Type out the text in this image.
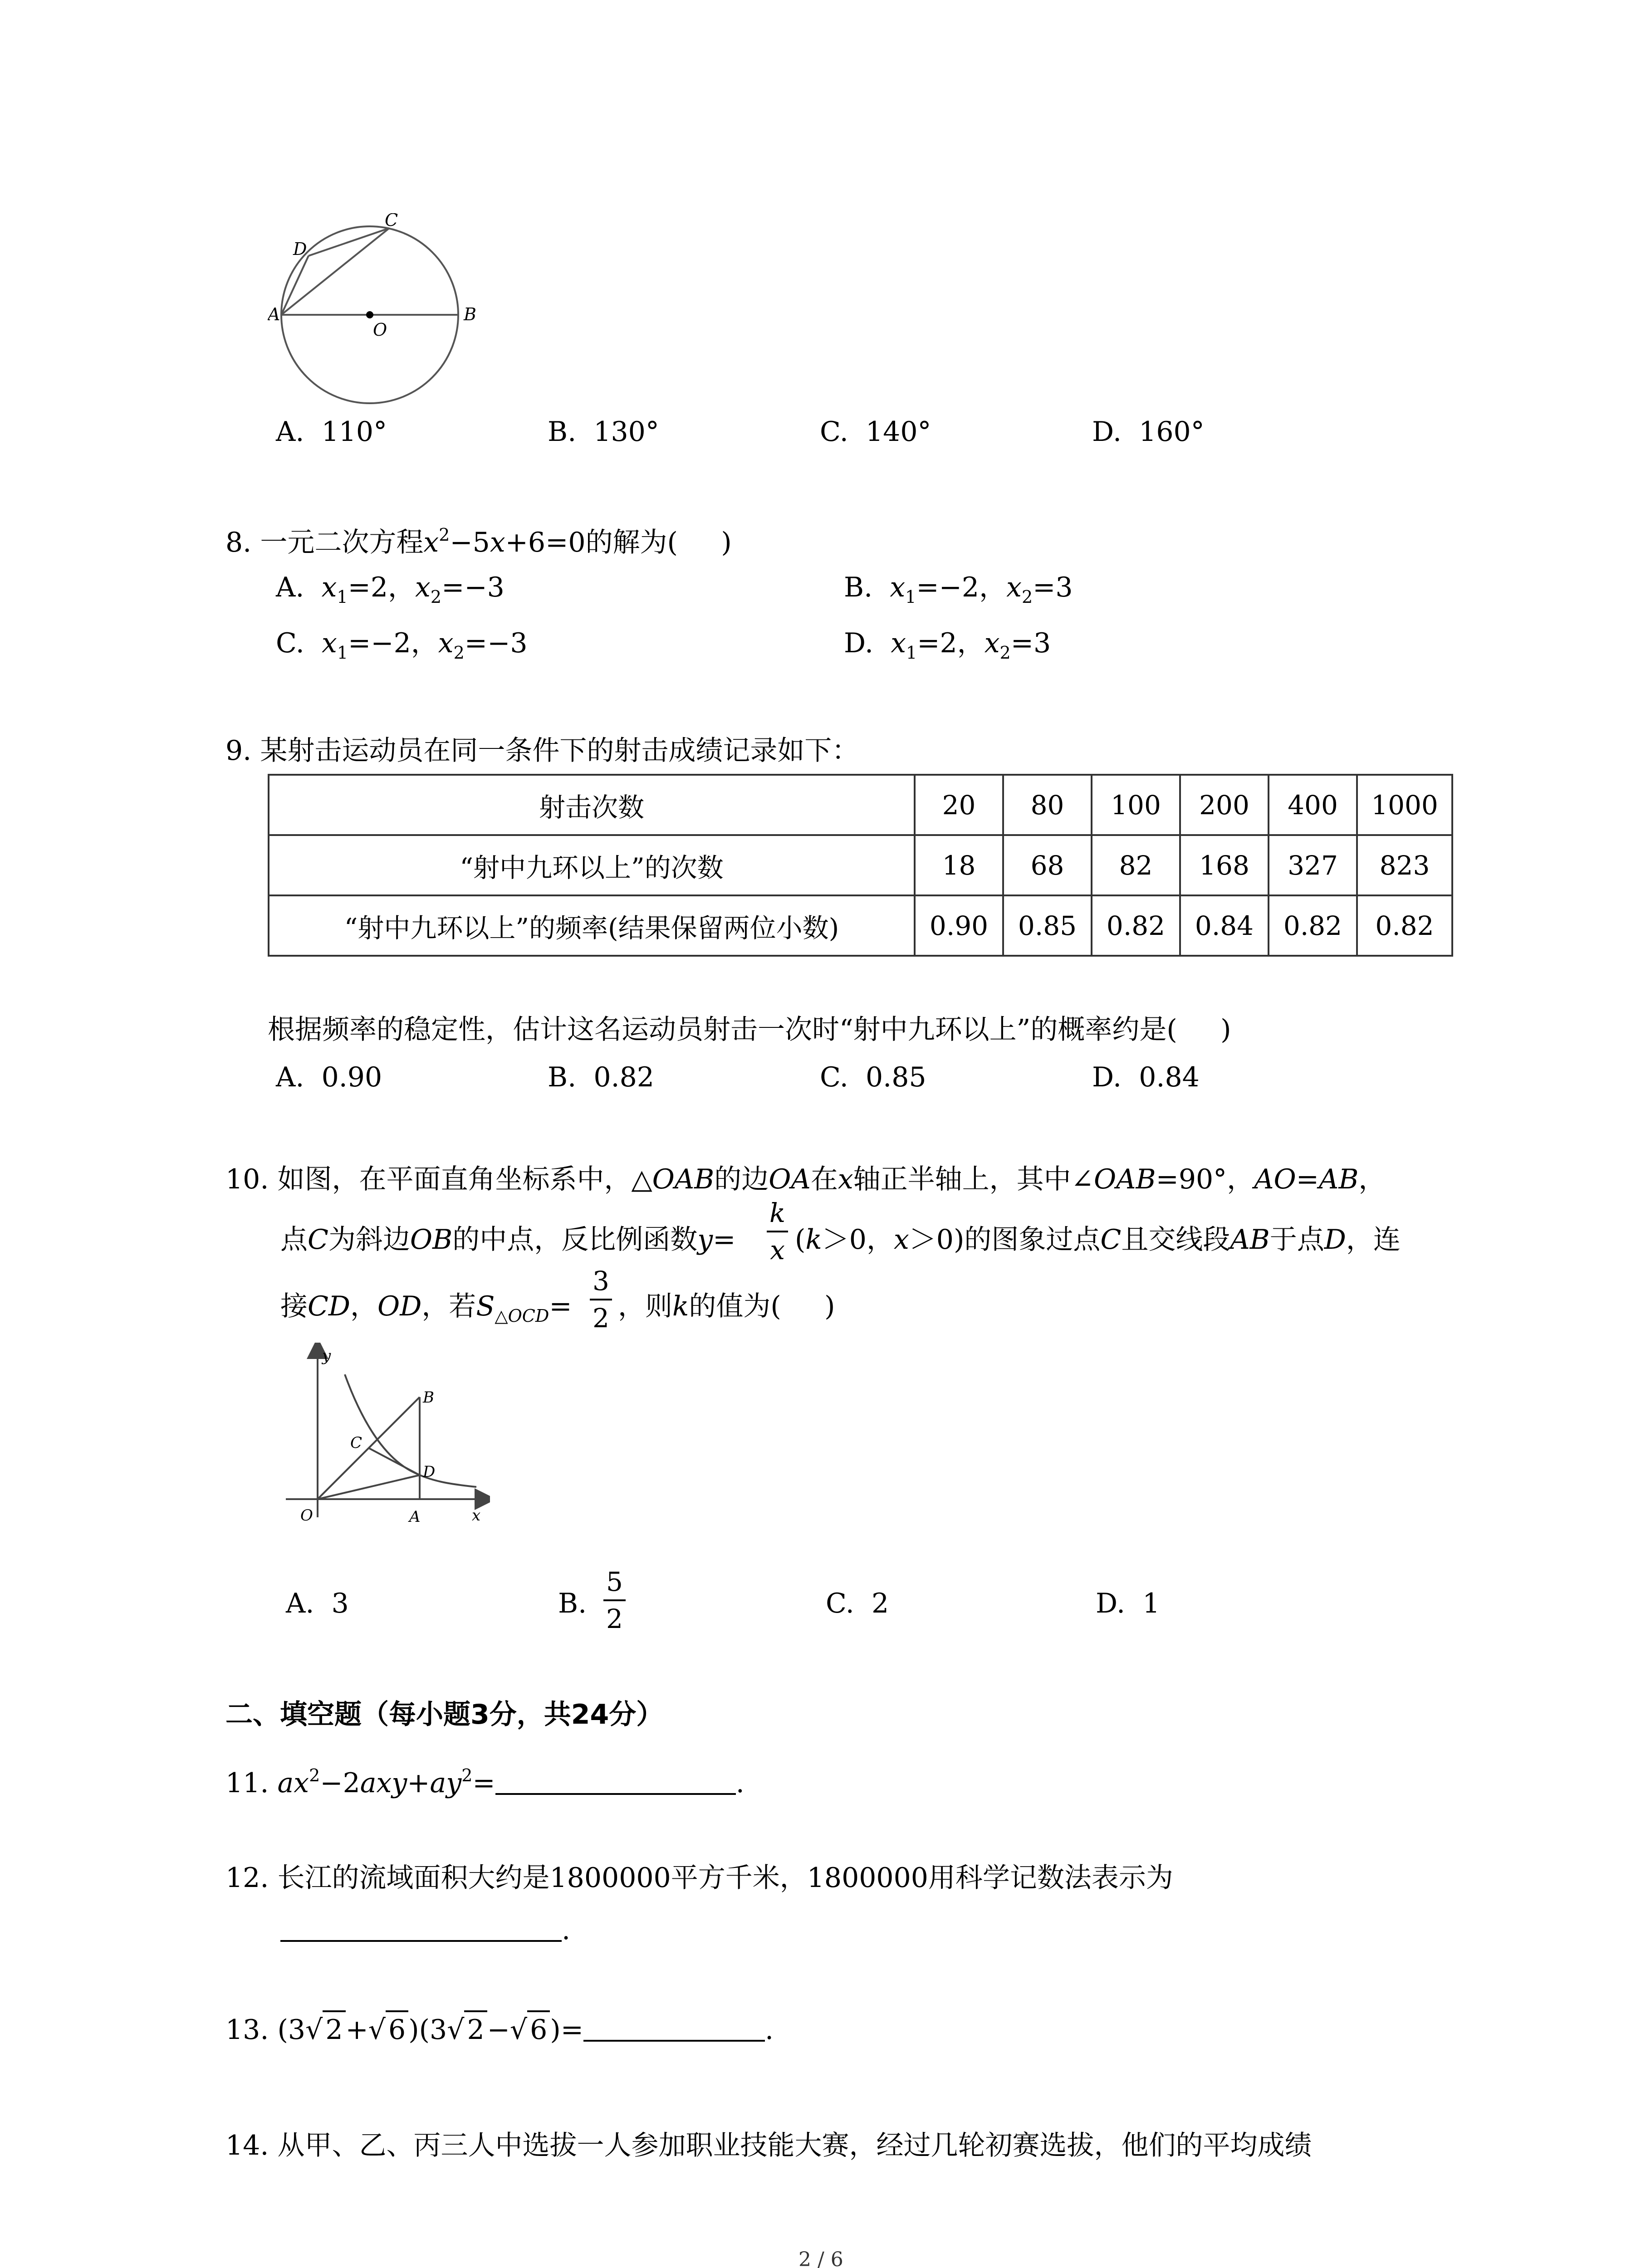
A	B
C
D
O
A. 110°	B. 130°	C. 140°	D. 160°
8. 一元二次方程$x^2-5x+6=0$的解为( )
A. $x_1=2$，$x_2=-3$	B. $x_1=-2$，$x_2=3$
C. $x_1=-2$，$x_2=-3$	D. $x_1=2$，$x_2=3$
9. 某射击运动员在同一条件下的射击成绩记录如下：
射击次数	20	80	100	200	400	1000
“射中九环以上”的次数	18	68	82	168	327	823
“射中九环以上”的频率(结果保留两位小数)	0.90	0.85	0.82	0.84	0.82	0.82
根据频率的稳定性，估计这名运动员射击一次时“射中九环以上”的概率约是( )
A. 0.90	B. 0.82	C. 0.85	D. 0.84
10. 如图，在平面直角坐标系中，△OAB的边OA在x轴正半轴上，其中∠OAB=90°，AO=AB，
点C为斜边OB的中点，反比例函数$y= \frac{k}{x} (k>0$，x＞0)的图象过点C且交线段AB于点D，连
接CD，OD，若$S_{\triangle OCD}= \frac{3}{2}$ ，则k的值为( )
y
x
O	A
B
C
D
A. 3	B. $\frac{5}{2}$	C. 2	D. 1
二、填空题（每小题3分，共24分）
11. $ax^2-2axy+ay^2=$	.
12. 长江的流域面积大约是1800000平方千米，1800000用科学记数法表示为
.
13. (3√ 2 +√ 6 )(3√ 2 −√ 6 )=	.
14. 从甲、乙、丙三人中选拔一人参加职业技能大赛，经过几轮初赛选拔，他们的平均成绩
2 / 6
